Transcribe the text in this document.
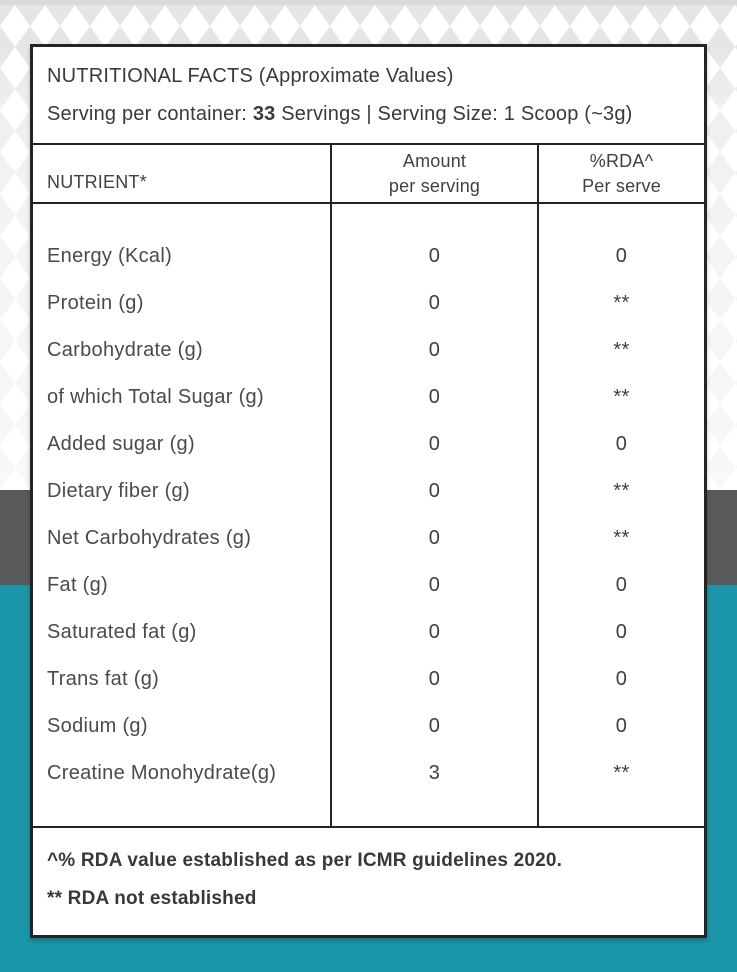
NUTRITIONAL FACTS (Approximate Values)
Serving per container: 33 Servings | Serving Size: 1 Scoop (~3g)
NUTRIENT*
Amount
per serving
%RDA^
Per serve
Energy (Kcal)
Protein (g)
Carbohydrate (g)
of which Total Sugar (g)
Added sugar (g)
Dietary fiber (g)
Net Carbohydrates (g)
Fat (g)
Saturated fat (g)
Trans fat (g)
Sodium (g)
Creatine Monohydrate(g)
0
0
0
0
0
0
0
0
0
0
0
3
0
**
**
**
0
**
**
0
0
0
0
**
^% RDA value established as per ICMR guidelines 2020.
** RDA not established
